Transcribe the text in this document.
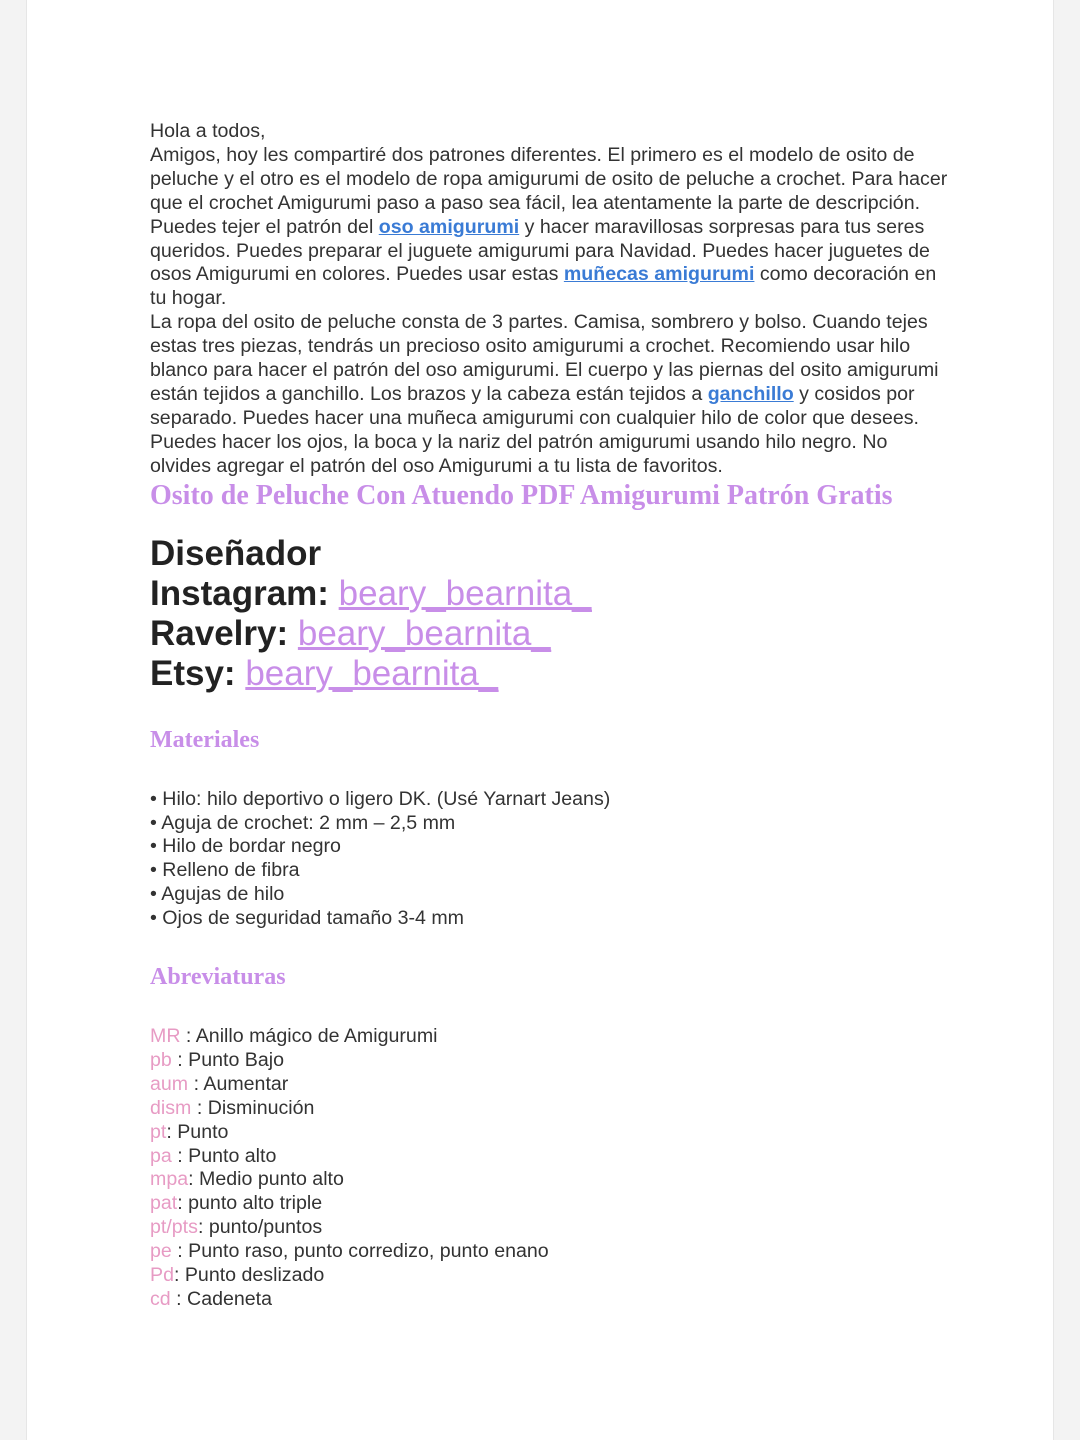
Hola a todos,

Amigos, hoy les compartiré dos patrones diferentes. El primero es el modelo de osito de peluche y el otro es el modelo de ropa amigurumi de osito de peluche a crochet. Para hacer que el crochet Amigurumi paso a paso sea fácil, lea atentamente la parte de descripción. Puedes tejer el patrón del oso amigurumi y hacer maravillosas sorpresas para tus seres queridos. Puedes preparar el juguete amigurumi para Navidad. Puedes hacer juguetes de osos Amigurumi en colores. Puedes usar estas muñecas amigurumi como decoración en tu hogar.

La ropa del osito de peluche consta de 3 partes. Camisa, sombrero y bolso. Cuando tejes estas tres piezas, tendrás un precioso osito amigurumi a crochet. Recomiendo usar hilo blanco para hacer el patrón del oso amigurumi. El cuerpo y las piernas del osito amigurumi están tejidos a ganchillo. Los brazos y la cabeza están tejidos a ganchillo y cosidos por separado. Puedes hacer una muñeca amigurumi con cualquier hilo de color que desees. Puedes hacer los ojos, la boca y la nariz del patrón amigurumi usando hilo negro. No olvides agregar el patrón del oso Amigurumi a tu lista de favoritos.

Osito de Peluche Con Atuendo PDF Amigurumi Patrón Gratis
Diseñador
Instagram: beary_bearnita_
Ravelry: beary_bearnita_
Etsy: beary_bearnita_
Materiales
• Hilo: hilo deportivo o ligero DK. (Usé Yarnart Jeans)
• Aguja de crochet: 2 mm – 2,5 mm
• Hilo de bordar negro
• Relleno de fibra
• Agujas de hilo
• Ojos de seguridad tamaño 3-4 mm
Abreviaturas
MR : Anillo mágico de Amigurumi
pb : Punto Bajo
aum : Aumentar
dism : Disminución
pt: Punto
pa : Punto alto
mpa: Medio punto alto
pat: punto alto triple
pt/pts: punto/puntos
pe : Punto raso, punto corredizo, punto enano
Pd: Punto deslizado
cd : Cadeneta
